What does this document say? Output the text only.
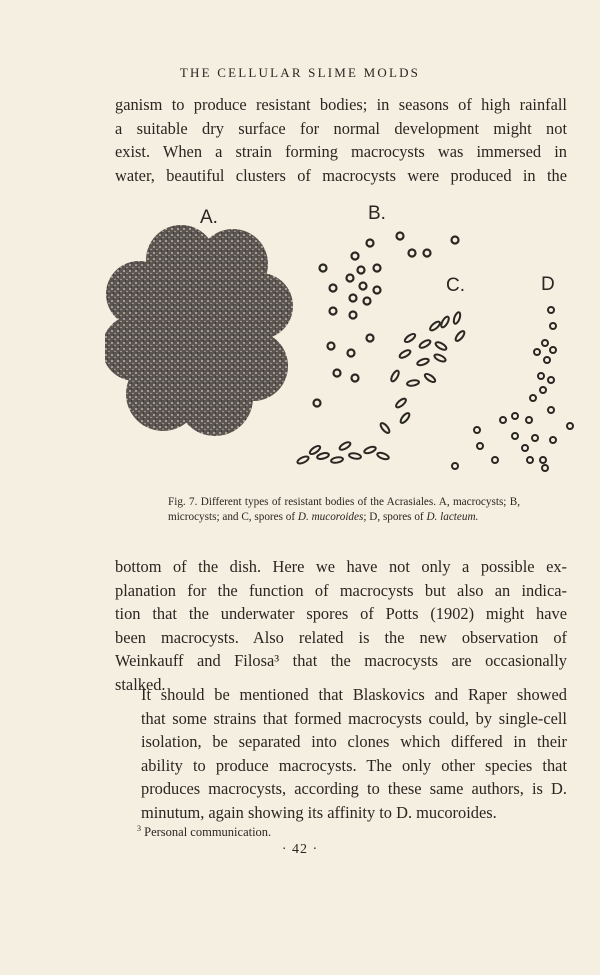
THE CELLULAR SLIME MOLDS

ganism to produce resistant bodies; in seasons of high rainfall
a suitable dry surface for normal development might not
exist. When a strain forming macrocysts was immersed in
water, beautiful clusters of macrocysts were produced in the

A.	B.
C.	D

Fig. 7. Different types of resistant bodies of the Acrasiales. A, macrocysts; B, microcysts; and C, spores of D. mucoroides; D, spores of D. lacteum.

bottom of the dish. Here we have not only a possible ex-
planation for the function of macrocysts but also an indica-
tion that the underwater spores of Potts (1902) might have
been macrocysts. Also related is the new observation of
Weinkauff and Filosa³ that the macrocysts are occasionally
stalked.

It should be mentioned that Blaskovics and Raper showed
that some strains that formed macrocysts could, by single-cell
isolation, be separated into clones which differed in their
ability to produce macrocysts. The only other species that
produces macrocysts, according to these same authors, is D.
minutum, again showing its affinity to D. mucoroides.

$^3$ Personal communication.
· 42 ·
